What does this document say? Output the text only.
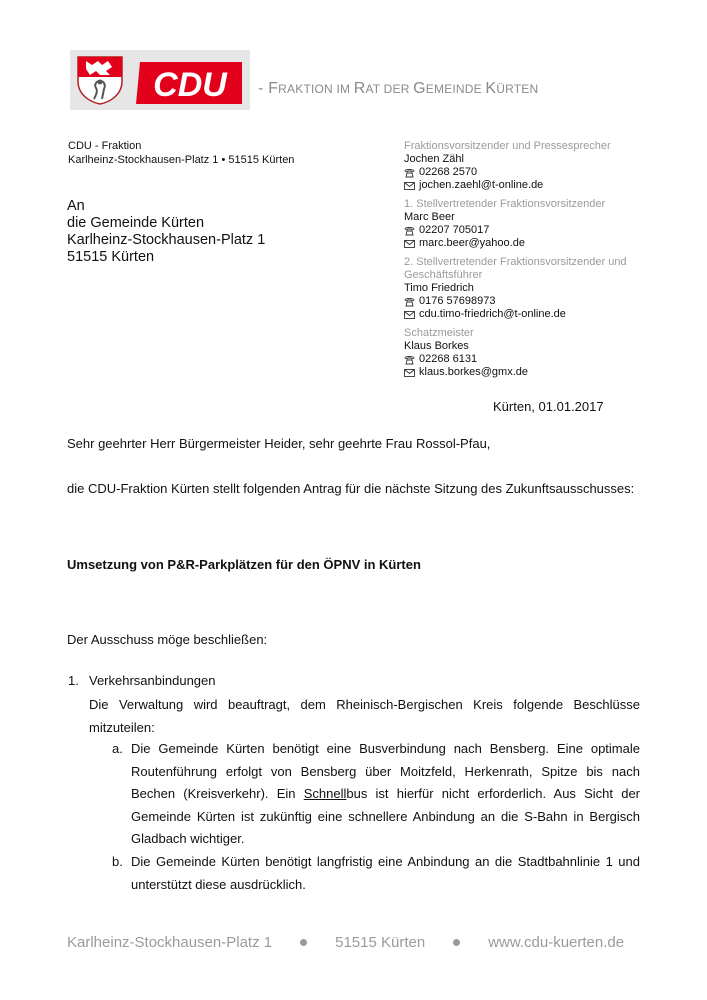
CDU - FRAKTION IM RAT DER GEMEINDE KÜRTEN
CDU - Fraktion
Karlheinz-Stockhausen-Platz 1 • 51515 Kürten
An
die Gemeinde Kürten
Karlheinz-Stockhausen-Platz 1
51515 Kürten
Fraktionsvorsitzender und Pressesprecher
Jochen Zähl
02268 2570
jochen.zaehl@t-online.de
1. Stellvertretender Fraktionsvorsitzender
Marc Beer
02207 705017
marc.beer@yahoo.de
2. Stellvertretender Fraktionsvorsitzender und Geschäftsführer
Timo Friedrich
0176 57698973
cdu.timo-friedrich@t-online.de
Schatzmeister
Klaus Borkes
02268 6131
klaus.borkes@gmx.de
Kürten, 01.01.2017
Sehr geehrter Herr Bürgermeister Heider, sehr geehrte Frau Rossol-Pfau,
die CDU-Fraktion Kürten stellt folgenden Antrag für die nächste Sitzung des Zukunftsausschusses:
Umsetzung von P&R-Parkplätzen für den ÖPNV in Kürten
Der Ausschuss möge beschließen:
1. Verkehrsanbindungen
Die Verwaltung wird beauftragt, dem Rheinisch-Bergischen Kreis folgende Beschlüsse mitzuteilen:
a. Die Gemeinde Kürten benötigt eine Busverbindung nach Bensberg. Eine optimale Routenführung erfolgt von Bensberg über Moitzfeld, Herkenrath, Spitze bis nach Bechen (Kreisverkehr). Ein Schnellbus ist hierfür nicht erforderlich. Aus Sicht der Gemeinde Kürten ist zukünftig eine schnellere Anbindung an die S-Bahn in Bergisch Gladbach wichtiger.
b. Die Gemeinde Kürten benötigt langfristig eine Anbindung an die Stadtbahnlinie 1 und unterstützt diese ausdrücklich.
Karlheinz-Stockhausen-Platz 1	51515 Kürten	www.cdu-kuerten.de
